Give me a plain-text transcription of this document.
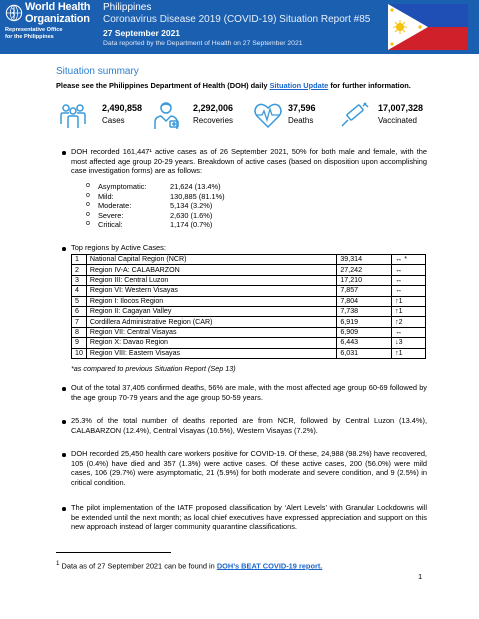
World Health
Organization
Representative Office
for the Philippines
Philippines
Coronavirus Disease 2019 (COVID-19) Situation Report #85
27 September 2021
Data reported by the Department of Health on 27 September 2021
Situation summary
Please see the Philippines Department of Health (DOH) daily Situation Update for further information.
2,490,858
Cases
2,292,006
Recoveries
37,596
Deaths
17,007,328
Vaccinated
DOH recorded 161,447¹ active cases as of 26 September 2021, 50% for both male and female, with the most affected age group 20-29 years. Breakdown of active cases (based on disposition upon accomplishing case investigation forms) are as follows:
o Asymptomatic:	21,624 (13.4%)
o Mild:	130,885 (81.1%)
o Moderate:	5,134 (3.2%)
o Severe:	2,630 (1.6%)
o Critical:	1,174 (0.7%)
Top regions by Active Cases:
1	National Capital Region (NCR)	39,314	↔ *
2	Region IV-A: CALABARZON	27,242	↔
3	Region III: Central Luzon	17,210	↔
4	Region VI: Western Visayas	7,857	↔
5	Region I: Ilocos Region	7,804	↑1
6	Region II: Cagayan Valley	7,738	↑1
7	Cordillera Administrative Region (CAR)	6,919	↑2
8	Region VII: Central Visayas	6,909	↔
9	Region X: Davao Region	6,443	↓3
10	Region VIII: Eastern Visayas	6,031	↑1
*as compared to previous Situation Report (Sep 13)
Out of the total 37,405 confirmed deaths, 56% are male, with the most affected age group 60-69 followed by the age group 70-79 years and the age group 50-59 years.
25.3% of the total number of deaths reported are from NCR, followed by Central Luzon (13.4%), CALABARZON (12.4%), Central Visayas (10.5%), Western Visayas (7.2%).
DOH recorded 25,450 health care workers positive for COVID-19. Of these, 24,988 (98.2%) have recovered, 105 (0.4%) have died and 357 (1.3%) were active cases. Of these active cases, 200 (56.0%) were mild cases, 106 (29.7%) were asymptomatic, 21 (5.9%) for both moderate and severe condition, and 9 (2.5%) in critical condition.
The pilot implementation of the IATF proposed classification by ‘Alert Levels’ with Granular Lockdowns will be extended until the next month; as local chief executives have expressed appreciation and support on this new approach instead of larger community quarantine classifications.
$^1$ Data as of 27 September 2021 can be found in DOH’s BEAT COVID-19 report.
1
